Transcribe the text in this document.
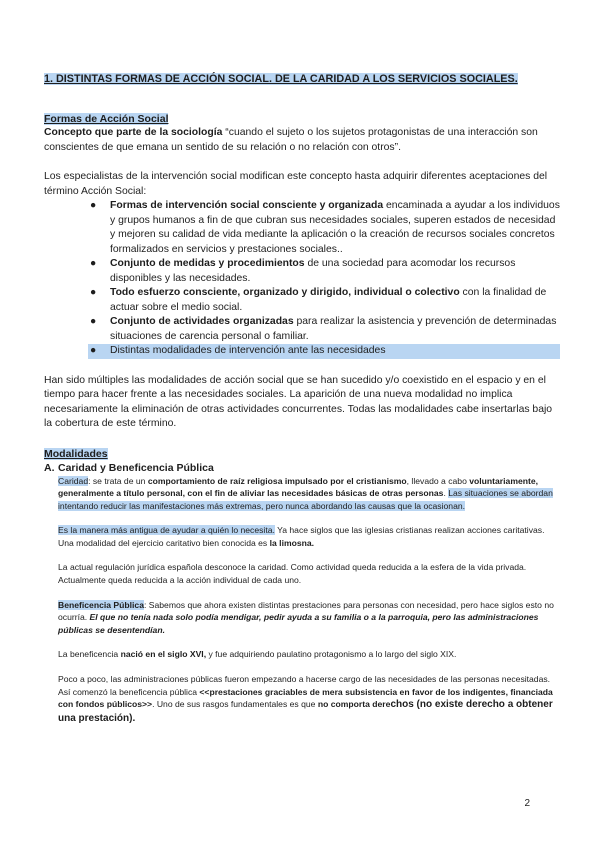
1. DISTINTAS FORMAS DE ACCIÓN SOCIAL. DE LA CARIDAD A LOS SERVICIOS SOCIALES.
Formas de Acción Social

Concepto que parte de la sociología “cuando el sujeto o los sujetos protagonistas de una interacción son conscientes de que emana un sentido de su relación o no relación con otros”.

Los especialistas de la intervención social modifican este concepto hasta adquirir diferentes aceptaciones del término Acción Social:

● Formas de intervención social consciente y organizada encaminada a ayudar a los individuos y grupos humanos a fin de que cubran sus necesidades sociales, superen estados de necesidad y mejoren su calidad de vida mediante la aplicación o la creación de recursos sociales concretos formalizados en servicios y prestaciones sociales..
● Conjunto de medidas y procedimientos de una sociedad para acomodar los recursos disponibles y las necesidades.
● Todo esfuerzo consciente, organizado y dirigido, individual o colectivo con la finalidad de actuar sobre el medio social.
● Conjunto de actividades organizadas para realizar la asistencia y prevención de determinadas situaciones de carencia personal o familiar.
● Distintas modalidades de intervención ante las necesidades

Han sido múltiples las modalidades de acción social que se han sucedido y/o coexistido en el espacio y en el tiempo para hacer frente a las necesidades sociales. La aparición de una nueva modalidad no implica necesariamente la eliminación de otras actividades concurrentes. Todas las modalidades cabe insertarlas bajo la cobertura de este término.

Modalidades
A. Caridad y Beneficencia Pública

Caridad: se trata de un comportamiento de raíz religiosa impulsado por el cristianismo, llevado a cabo voluntariamente, generalmente a título personal, con el fin de aliviar las necesidades básicas de otras personas. Las situaciones se abordan intentando reducir las manifestaciones más extremas, pero nunca abordando las causas que la ocasionan.

Es la manera más antigua de ayudar a quién lo necesita. Ya hace siglos que las iglesias cristianas realizan acciones caritativas. Una modalidad del ejercicio caritativo bien conocida es la limosna.

La actual regulación jurídica española desconoce la caridad. Como actividad queda reducida a la esfera de la vida privada. Actualmente queda reducida a la acción individual de cada uno.

Beneficencia Pública: Sabemos que ahora existen distintas prestaciones para personas con necesidad, pero hace siglos esto no ocurría. El que no tenía nada solo podía mendigar, pedir ayuda a su familia o a la parroquia, pero las administraciones públicas se desentendían.

La beneficencia nació en el siglo XVI, y fue adquiriendo paulatino protagonismo a lo largo del siglo XIX.

Poco a poco, las administraciones públicas fueron empezando a hacerse cargo de las necesidades de las personas necesitadas. Así comenzó la beneficencia pública <<prestaciones graciables de mera subsistencia en favor de los indigentes, financiada con fondos públicos>>. Uno de sus rasgos fundamentales es que no comporta derechos (no existe derecho a obtener una prestación).

2
